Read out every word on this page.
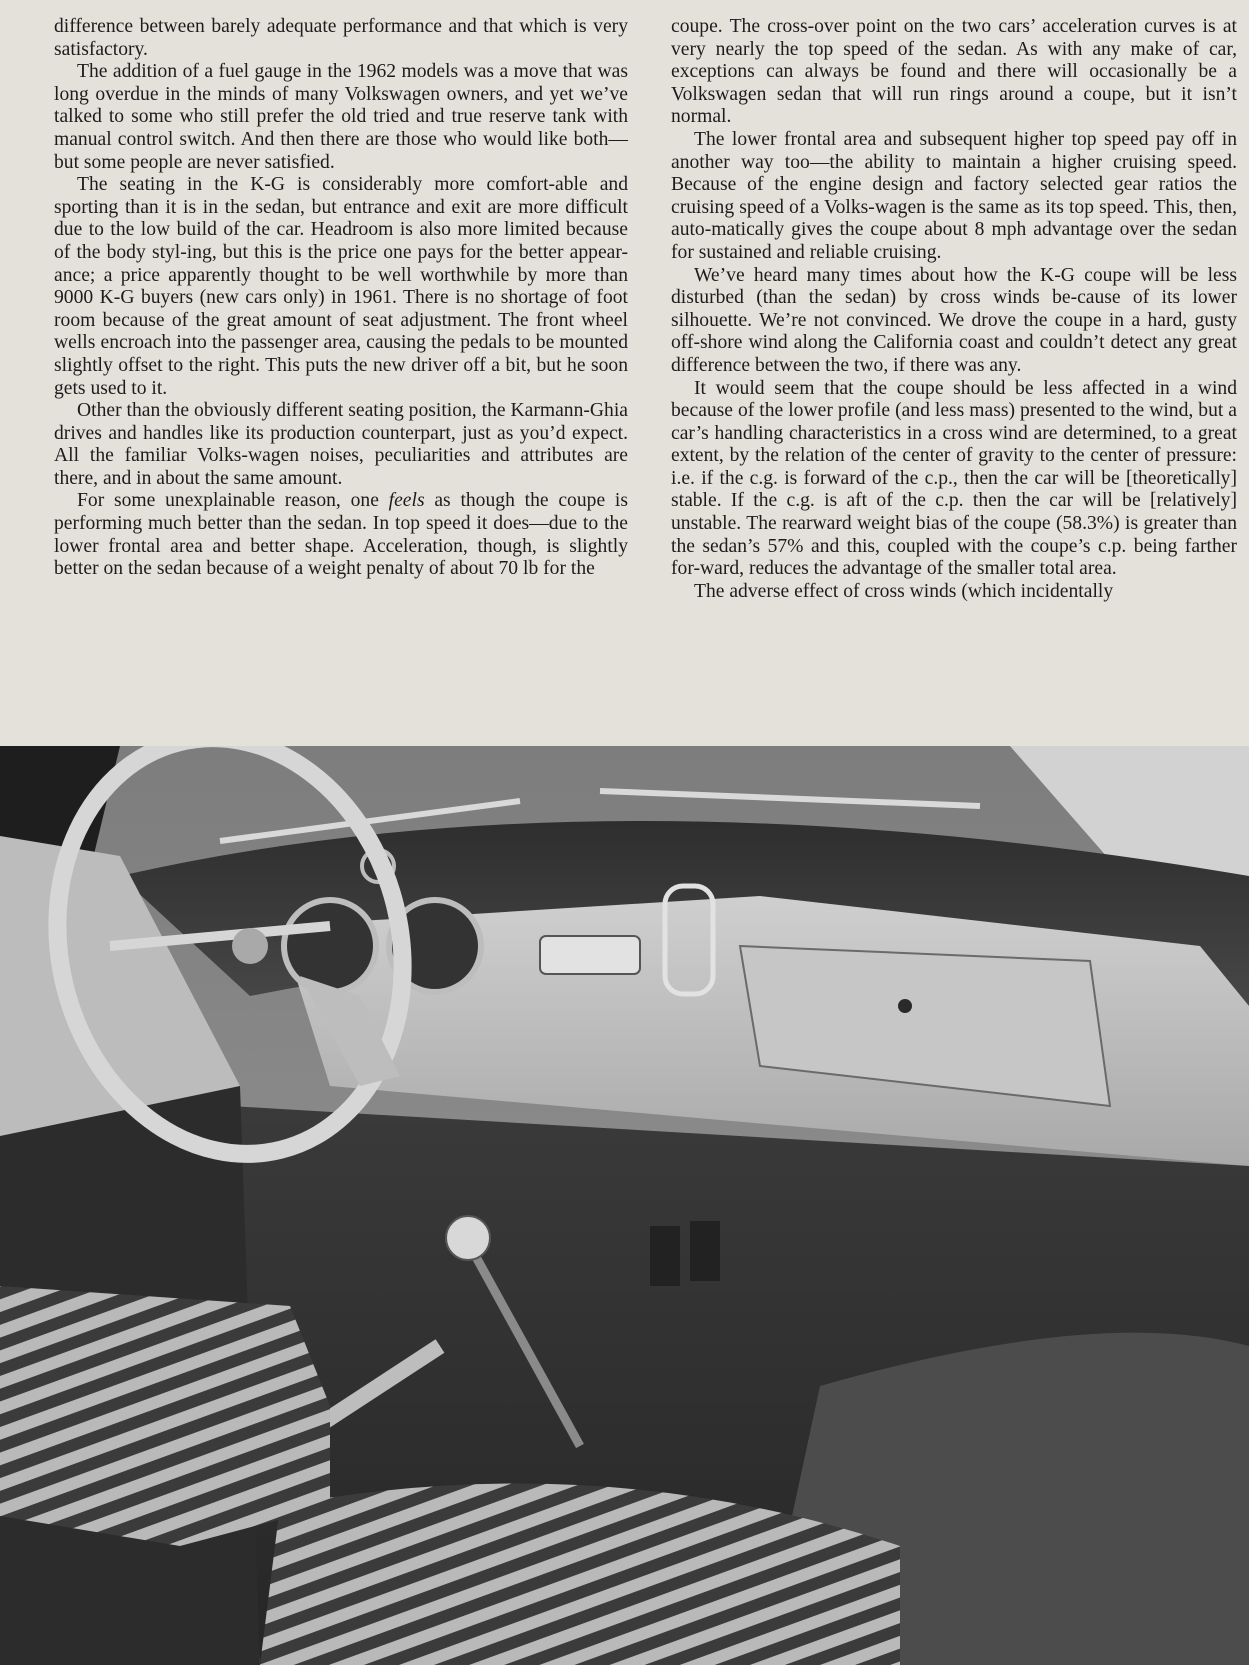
difference between barely adequate performance and that which is very satisfactory.

The addition of a fuel gauge in the 1962 models was a move that was long overdue in the minds of many Volkswagen owners, and yet we’ve talked to some who still prefer the old tried and true reserve tank with manual control switch. And then there are those who would like both—but some people are never satisfied.

The seating in the K-G is considerably more comfort-able and sporting than it is in the sedan, but entrance and exit are more difficult due to the low build of the car. Headroom is also more limited because of the body styl-ing, but this is the price one pays for the better appear-ance; a price apparently thought to be well worthwhile by more than 9000 K-G buyers (new cars only) in 1961. There is no shortage of foot room because of the great amount of seat adjustment. The front wheel wells encroach into the passenger area, causing the pedals to be mounted slightly offset to the right. This puts the new driver off a bit, but he soon gets used to it.

Other than the obviously different seating position, the Karmann-Ghia drives and handles like its production counterpart, just as you’d expect. All the familiar Volks-wagen noises, peculiarities and attributes are there, and in about the same amount.

For some unexplainable reason, one feels as though the coupe is performing much better than the sedan. In top speed it does—due to the lower frontal area and better shape. Acceleration, though, is slightly better on the sedan because of a weight penalty of about 70 lb for the

coupe. The cross-over point on the two cars’ acceleration curves is at very nearly the top speed of the sedan. As with any make of car, exceptions can always be found and there will occasionally be a Volkswagen sedan that will run rings around a coupe, but it isn’t normal.

The lower frontal area and subsequent higher top speed pay off in another way too—the ability to maintain a higher cruising speed. Because of the engine design and factory selected gear ratios the cruising speed of a Volks-wagen is the same as its top speed. This, then, auto-matically gives the coupe about 8 mph advantage over the sedan for sustained and reliable cruising.

We’ve heard many times about how the K-G coupe will be less disturbed (than the sedan) by cross winds be-cause of its lower silhouette. We’re not convinced. We drove the coupe in a hard, gusty off-shore wind along the California coast and couldn’t detect any great difference between the two, if there was any.

It would seem that the coupe should be less affected in a wind because of the lower profile (and less mass) presented to the wind, but a car’s handling characteristics in a cross wind are determined, to a great extent, by the relation of the center of gravity to the center of pressure: i.e. if the c.g. is forward of the c.p., then the car will be [theoretically] stable. If the c.g. is aft of the c.p. then the car will be [relatively] unstable. The rearward weight bias of the coupe (58.3%) is greater than the sedan’s 57% and this, coupled with the coupe’s c.p. being farther for-ward, reduces the advantage of the smaller total area.

The adverse effect of cross winds (which incidentally
